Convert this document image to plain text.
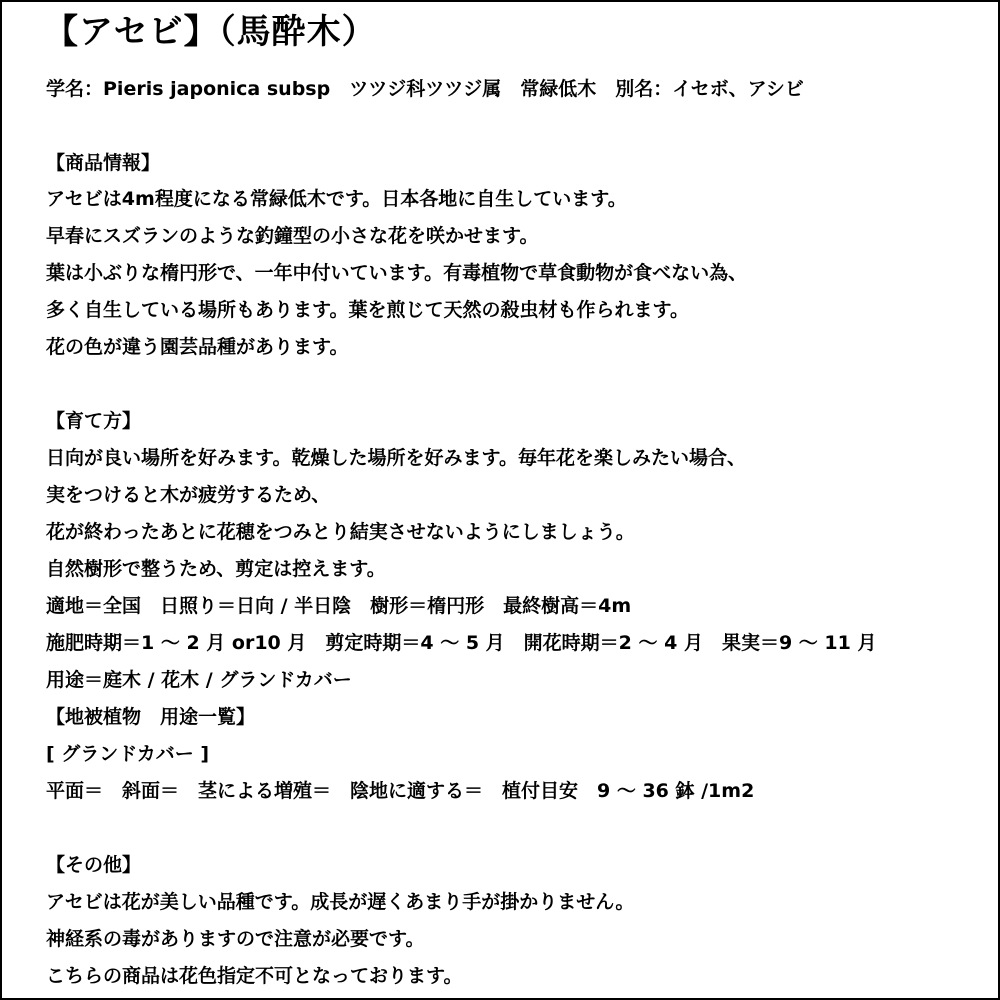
【アセビ】（馬酔木）
学名：Pieris japonica subsp　ツツジ科ツツジ属　常緑低木　別名：イセボ、アシビ
【商品情報】
アセビは4m程度になる常緑低木です。日本各地に自生しています。
早春にスズランのような釣鐘型の小さな花を咲かせます。
葉は小ぶりな楕円形で、一年中付いています。有毒植物で草食動物が食べない為、
多く自生している場所もあります。葉を煎じて天然の殺虫材も作られます。
花の色が違う園芸品種があります。
【育て方】
日向が良い場所を好みます。乾燥した場所を好みます。毎年花を楽しみたい場合、
実をつけると木が疲労するため、
花が終わったあとに花穂をつみとり結実させないようにしましょう。
自然樹形で整うため、剪定は控えます。
適地＝全国　日照り＝日向 / 半日陰　樹形＝楕円形　最終樹高＝4m
施肥時期＝1 ～ 2 月 or10 月　剪定時期＝4 ～ 5 月　開花時期＝2 ～ 4 月　果実＝9 ～ 11 月
用途＝庭木 / 花木 / グランドカバー
【地被植物　用途一覧】
[ グランドカバー ]
平面＝　斜面＝　茎による増殖＝　陰地に適する＝　植付目安　9 ～ 36 鉢 /1m2
【その他】
アセビは花が美しい品種です。成長が遅くあまり手が掛かりません。
神経系の毒がありますので注意が必要です。
こちらの商品は花色指定不可となっております。
